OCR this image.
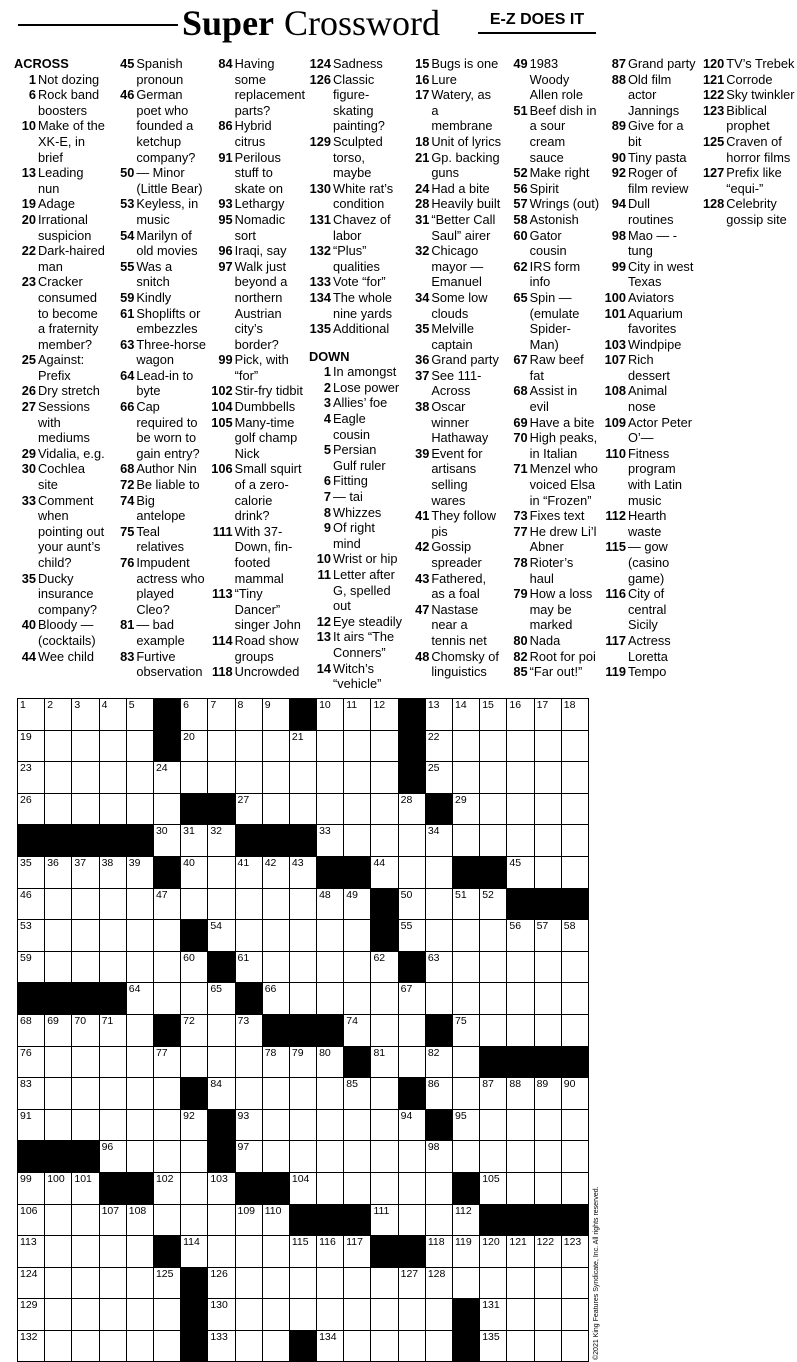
Super Crossword	E-Z DOES IT

ACROSS

1 Not dozing

6 Rock band boosters

10 Make of the XK-E, in brief

13 Leading nun

19 Adage

20 Irrational suspicion

22 Dark-haired man

23 Cracker consumed to become a fraternity member?

25 Against: Prefix

26 Dry stretch

27 Sessions with mediums

29 Vidalia, e.g.

30 Cochlea site

33 Comment when pointing out your aunt’s child?

35 Ducky insurance company?

40 Bloody — (cocktails)

44 Wee child

45 Spanish pronoun

46 German poet who founded a ketchup company?

50 — Minor (Little Bear)

53 Keyless, in music

54 Marilyn of old movies

55 Was a snitch

59 Kindly

61 Shoplifts or embezzles

63 Three-horse wagon

64 Lead-in to byte

66 Cap required to be worn to gain entry?

68 Author Nin

72 Be liable to

74 Big antelope

75 Teal relatives

76 Impudent actress who played Cleo?

81 — bad example

83 Furtive observation

84 Having some replacement parts?

86 Hybrid citrus

91 Perilous stuff to skate on

93 Lethargy

95 Nomadic sort

96 Iraqi, say

97 Walk just beyond a northern Austrian city’s border?

99 Pick, with “for”

102 Stir-fry tidbit

104 Dumbbells

105 Many-time golf champ Nick

106 Small squirt of a zero-calorie drink?

111 With 37-Down, fin-footed mammal

113 “Tiny Dancer” singer John

114 Road show groups

118 Uncrowded

124 Sadness

126 Classic figure-skating painting?

129 Sculpted torso, maybe

130 White rat’s condition

131 Chavez of labor

132 “Plus” qualities

133 Vote “for”

134 The whole nine yards

135 Additional

DOWN

1 In amongst

2 Lose power

3 Allies’ foe

4 Eagle cousin

5 Persian Gulf ruler

6 Fitting

7 — tai

8 Whizzes

9 Of right mind

10 Wrist or hip

11 Letter after G, spelled out

12 Eye steadily

13 It airs “The Conners”

14 Witch’s “vehicle”

15 Bugs is one

16 Lure

17 Watery, as a membrane

18 Unit of lyrics

21 Gp. backing guns

24 Had a bite

28 Heavily built

31 “Better Call Saul” airer

32 Chicago mayor — Emanuel

34 Some low clouds

35 Melville captain

36 Grand party

37 See 111-Across

38 Oscar winner Hathaway

39 Event for artisans selling wares

41 They follow pis

42 Gossip spreader

43 Fathered, as a foal

47 Nastase near a tennis net

48 Chomsky of linguistics

49 1983 Woody Allen role

51 Beef dish in a sour cream sauce

52 Make right

56 Spirit

57 Wrings (out)

58 Astonish

60 Gator cousin

62 IRS form info

65 Spin — (emulate Spider-Man)

67 Raw beef fat

68 Assist in evil

69 Have a bite

70 High peaks, in Italian

71 Menzel who voiced Elsa in “Frozen”

73 Fixes text

77 He drew Li’l Abner

78 Rioter’s haul

79 How a loss may be marked

80 Nada

82 Root for poi

85 “Far out!”

87 Grand party

88 Old film actor Jannings

89 Give for a bit

90 Tiny pasta

92 Roger of film review

94 Dull routines

98 Mao — -tung

99 City in west Texas

100 Aviators

101 Aquarium favorites

103 Windpipe

107 Rich dessert

108 Animal nose

109 Actor Peter O’—

110 Fitness program with Latin music

112 Hearth waste

115 — gow (casino game)

116 City of central Sicily

117 Actress Loretta

119 Tempo

120 TV’s Trebek

121 Corrode

122 Sky twinkler

123 Biblical prophet

125 Craven of horror films

127 Prefix like “equi-”

128 Celebrity gossip site

1 2 3 4 5	6 7 8 9	10 11 12	13 14 15 16 17 18
19	20	21	22
23	24	25
26	27	28	29
30 31 32	33	34
35 36 37 38 39	40	41 42 43	44	45
46	47	48 49	50	51 52
53	54	55	56 57 58
59	60	61	62	63
64	65	66	67
68 69 70 71	72	73	74	75
76	77	78 79 80	81	82
83	84	85	86	87 88 89 90
91	92	93	94	95
96	97	98
99 100 101	102	103	104	105
106	107 108	109 110	111	112
113	114	115 116 117	118 119 120 121 122 123
124	125	126	127 128
129	130	131
132	133	134	135	©2021 King Features Syndicate, Inc. All rights reserved.
